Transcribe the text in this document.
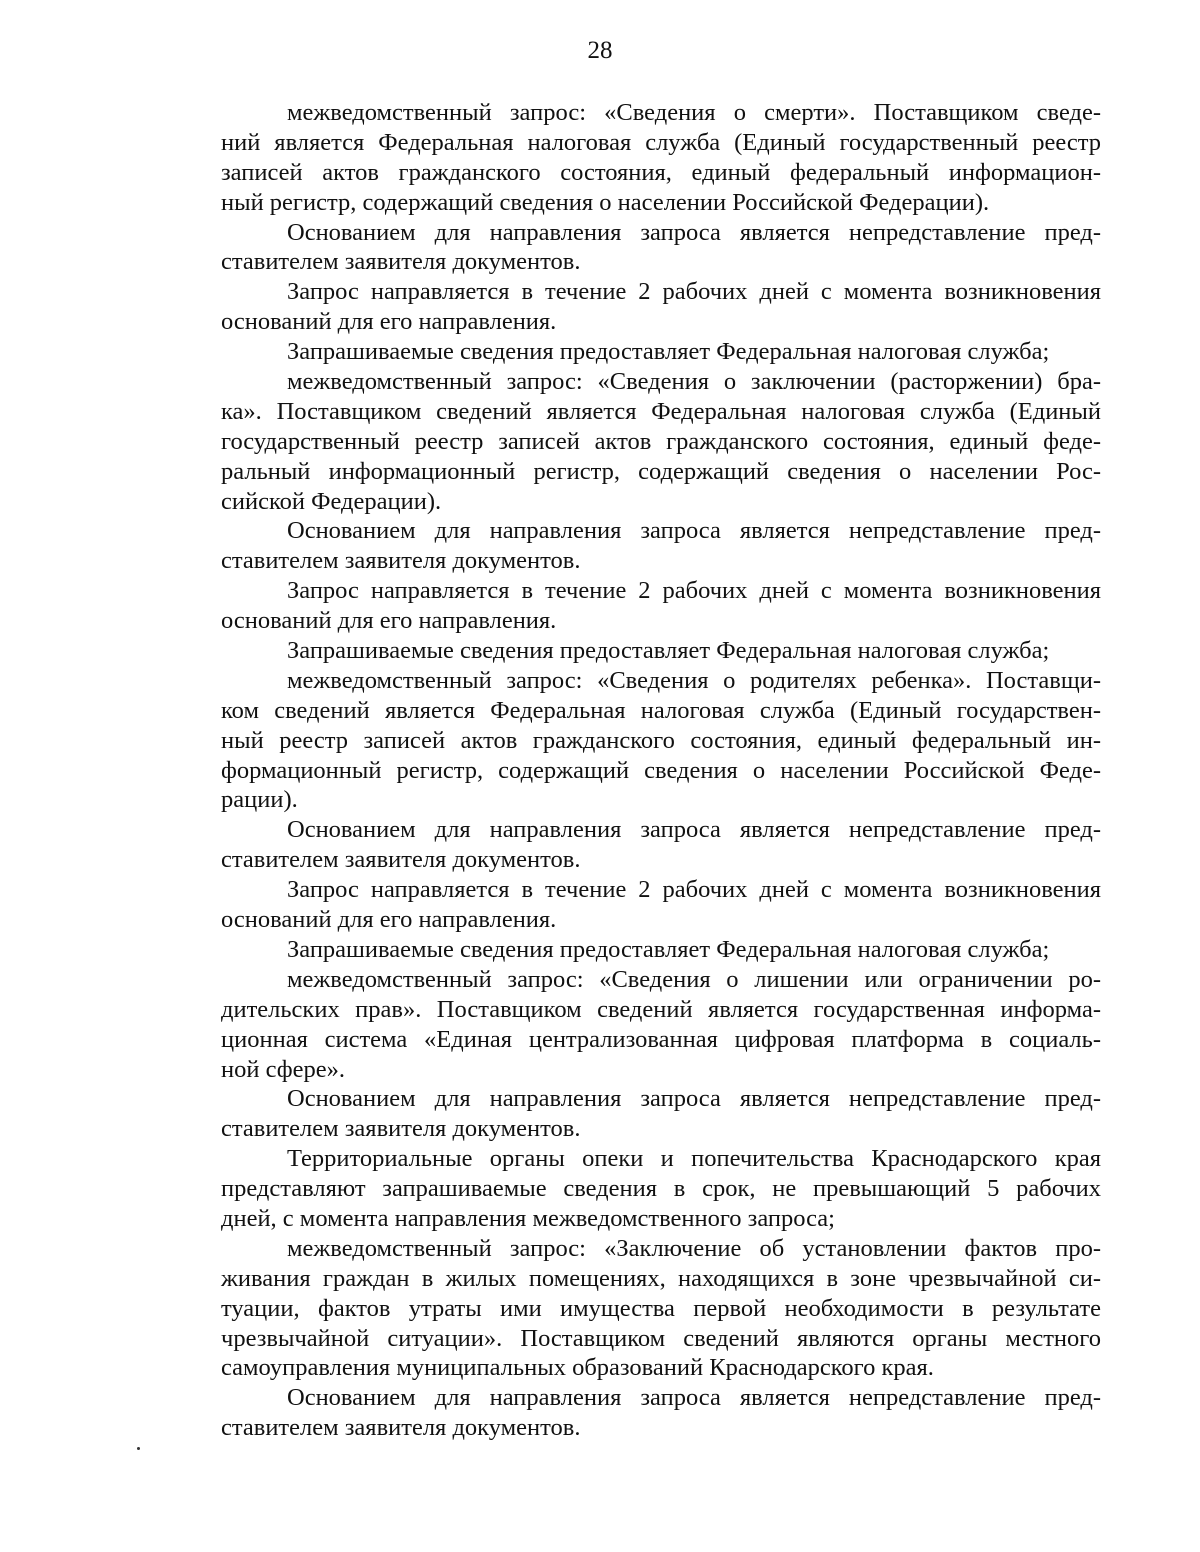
28
межведомственный запрос: «Сведения о смерти». Поставщиком сведе-
ний является Федеральная налоговая служба (Единый государственный реестр
записей актов гражданского состояния, единый федеральный информацион-
ный регистр, содержащий сведения о населении Российской Федерации).
Основанием для направления запроса является непредставление пред-
ставителем заявителя документов.
Запрос направляется в течение 2 рабочих дней с момента возникновения
оснований для его направления.
Запрашиваемые сведения предоставляет Федеральная налоговая служба;
межведомственный запрос: «Сведения о заключении (расторжении) бра-
ка». Поставщиком сведений является Федеральная налоговая служба (Единый
государственный реестр записей актов гражданского состояния, единый феде-
ральный информационный регистр, содержащий сведения о населении Рос-
сийской Федерации).
Основанием для направления запроса является непредставление пред-
ставителем заявителя документов.
Запрос направляется в течение 2 рабочих дней с момента возникновения
оснований для его направления.
Запрашиваемые сведения предоставляет Федеральная налоговая служба;
межведомственный запрос: «Сведения о родителях ребенка». Поставщи-
ком сведений является Федеральная налоговая служба (Единый государствен-
ный реестр записей актов гражданского состояния, единый федеральный ин-
формационный регистр, содержащий сведения о населении Российской Феде-
рации).
Основанием для направления запроса является непредставление пред-
ставителем заявителя документов.
Запрос направляется в течение 2 рабочих дней с момента возникновения
оснований для его направления.
Запрашиваемые сведения предоставляет Федеральная налоговая служба;
межведомственный запрос: «Сведения о лишении или ограничении ро-
дительских прав». Поставщиком сведений является государственная информа-
ционная система «Единая централизованная цифровая платформа в социаль-
ной сфере».
Основанием для направления запроса является непредставление пред-
ставителем заявителя документов.
Территориальные органы опеки и попечительства Краснодарского края
представляют запрашиваемые сведения в срок, не превышающий 5 рабочих
дней, с момента направления межведомственного запроса;
межведомственный запрос: «Заключение об установлении фактов про-
живания граждан в жилых помещениях, находящихся в зоне чрезвычайной си-
туации, фактов утраты ими имущества первой необходимости в результате
чрезвычайной ситуации». Поставщиком сведений являются органы местного
самоуправления муниципальных образований Краснодарского края.
Основанием для направления запроса является непредставление пред-
ставителем заявителя документов.
